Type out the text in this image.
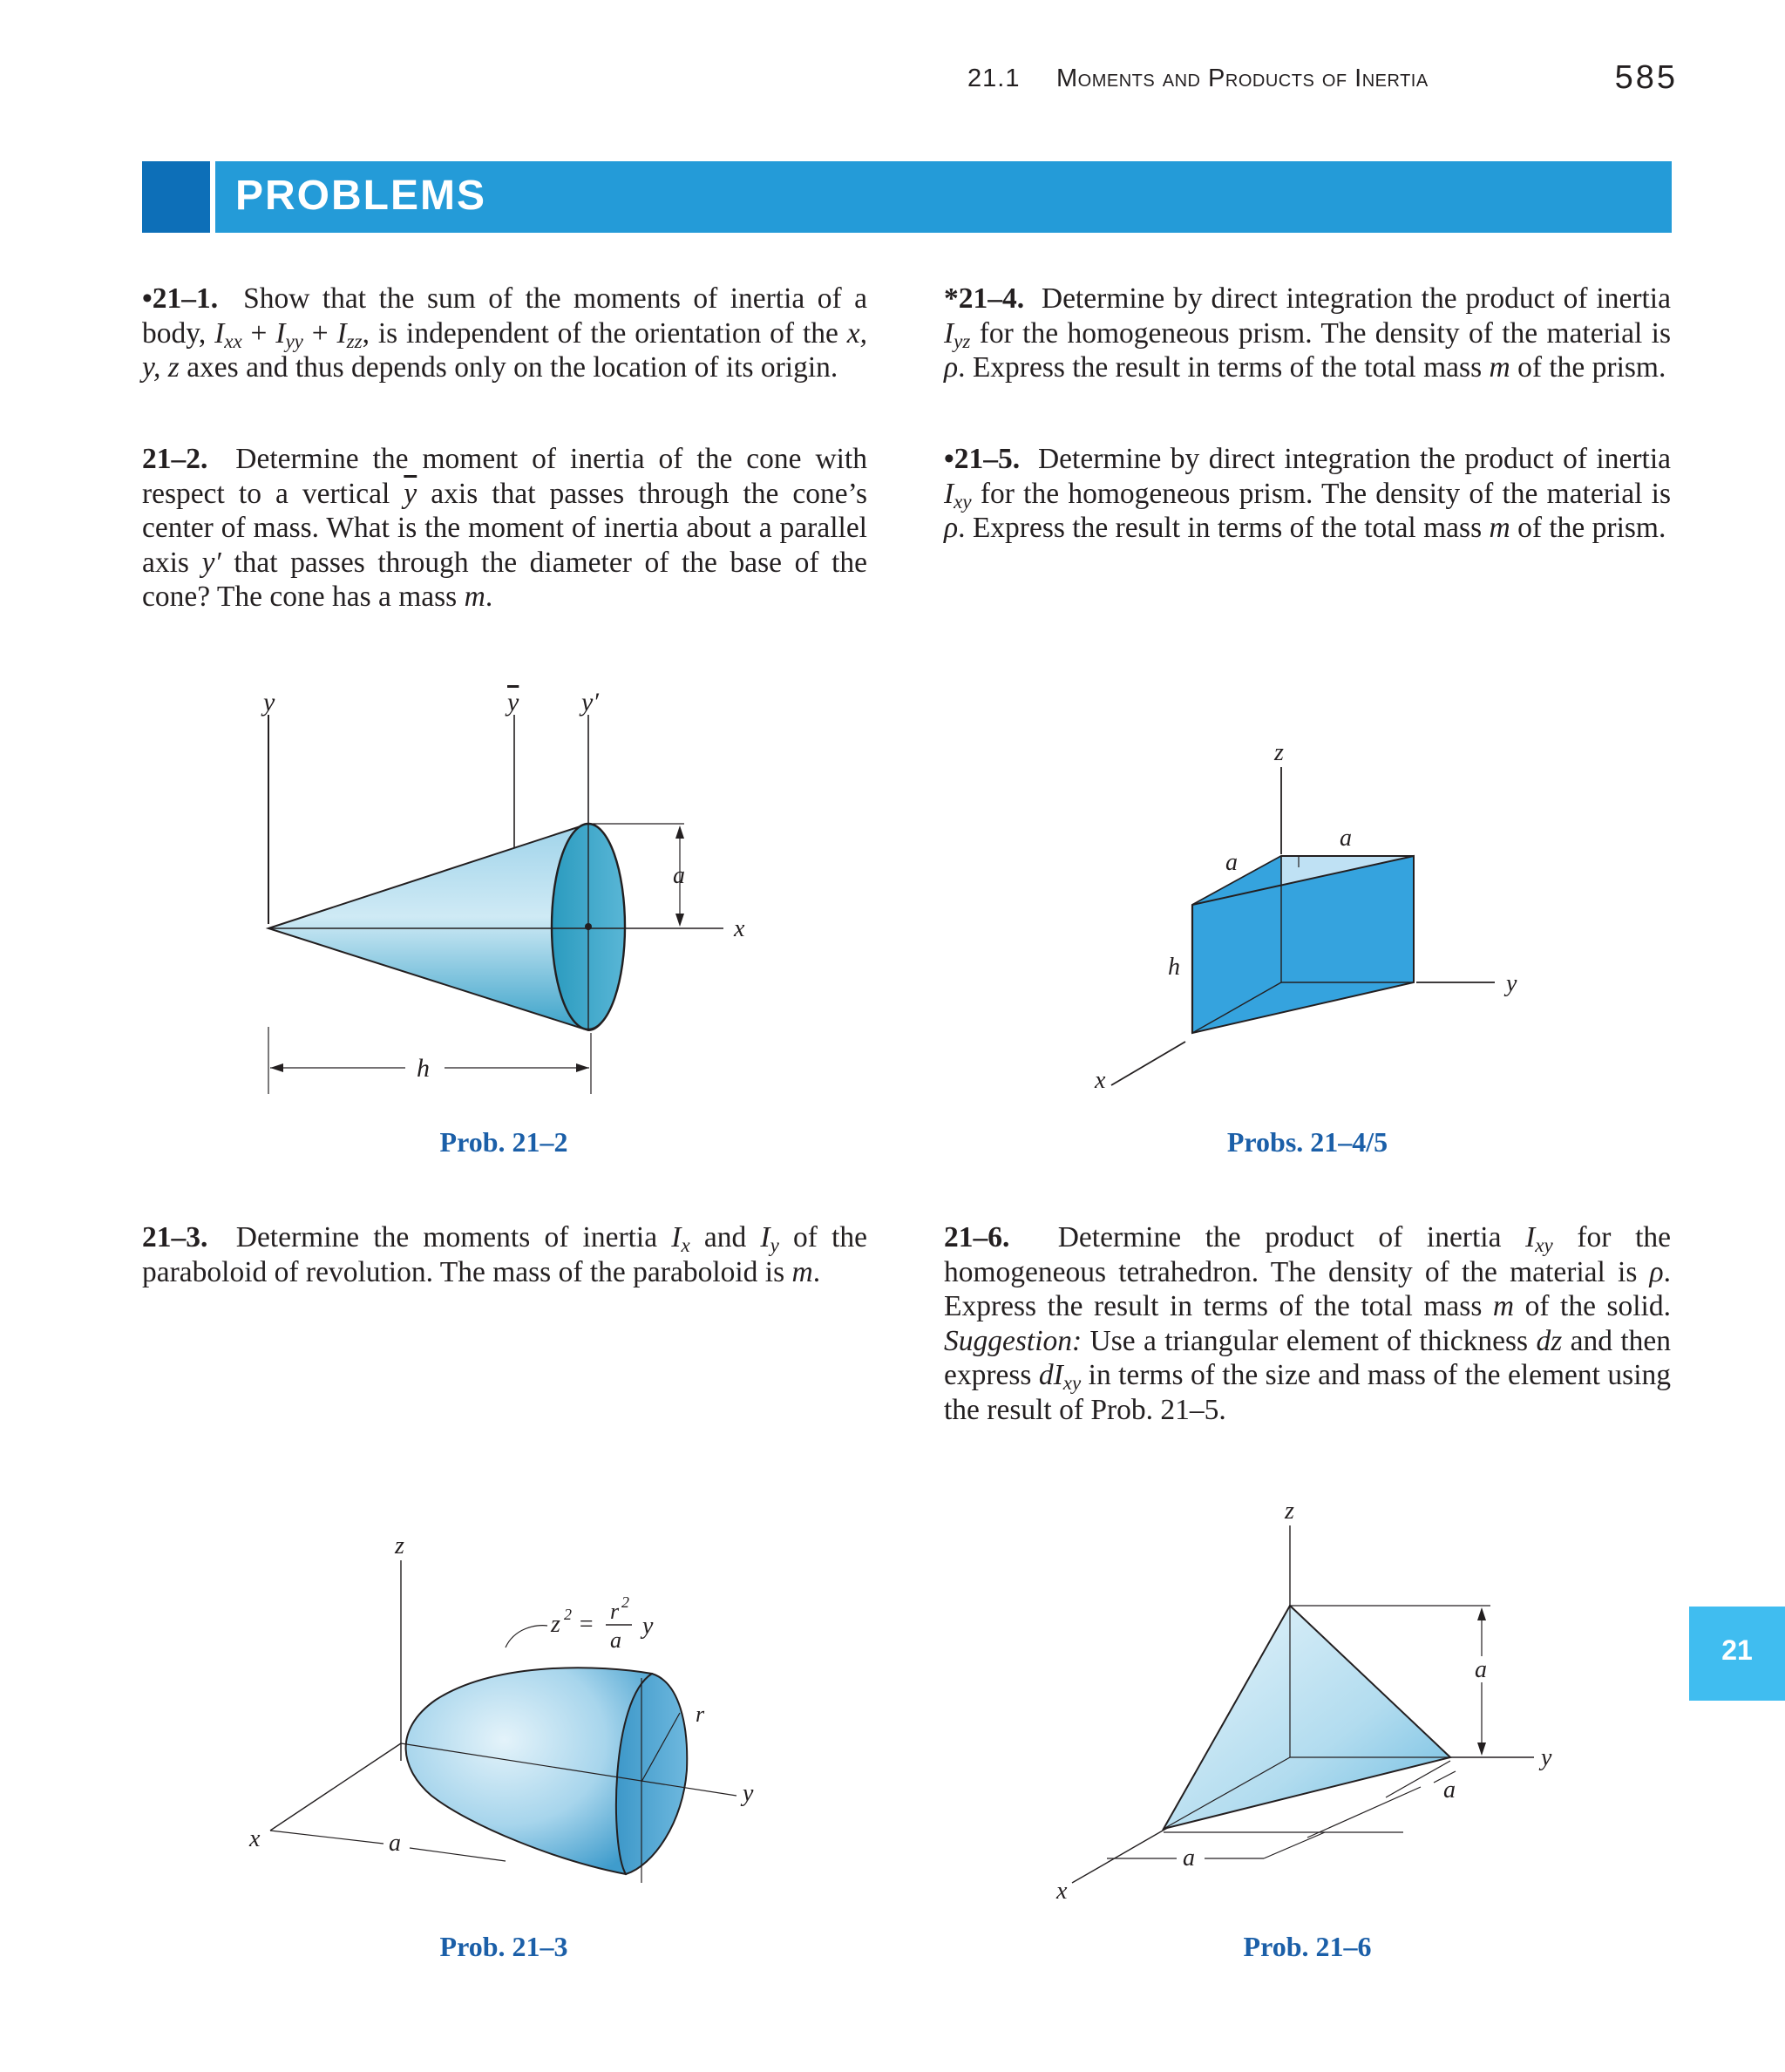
21.1 Moments and Products of Inertia	585
PROBLEMS

•21–1. Show that the sum of the moments of inertia of a body, $I_{xx} + I_{yy} + I_{zz}$, is independent of the orientation of the x, y, z axes and thus depends only on the location of its origin.

21–2. Determine the moment of inertia of the cone with respect to a vertical $\overline{y}$ axis that passes through the cone’s center of mass. What is the moment of inertia about a parallel axis y′ that passes through the diameter of the base of the cone? The cone has a mass m.

*21–4. Determine by direct integration the product of inertia $I_{yz}$ for the homogeneous prism. The density of the material is ρ. Express the result in terms of the total mass m of the prism.

•21–5. Determine by direct integration the product of inertia $I_{xy}$ for the homogeneous prism. The density of the material is ρ. Express the result in terms of the total mass m of the prism.

21–3. Determine the moments of inertia $I_x$ and $I_y$ of the paraboloid of revolution. The mass of the paraboloid is m.

21–6. Determine the product of inertia $I_{xy}$ for the homogeneous tetrahedron. The density of the material is ρ. Express the result in terms of the total mass m of the solid. Suggestion: Use a triangular element of thickness dz and then express $dI_{xy}$ in terms of the size and mass of the element using the result of Prob. 21–5.

y	y y′
a
x
h
Prob. 21–2
z
a
a
h
y
x
Probs. 21–4/5
z
z 2 = r 2
a
y
r
y
x	a
Prob. 21–3
z
a
y
a
a
x
Prob. 21–6
21
